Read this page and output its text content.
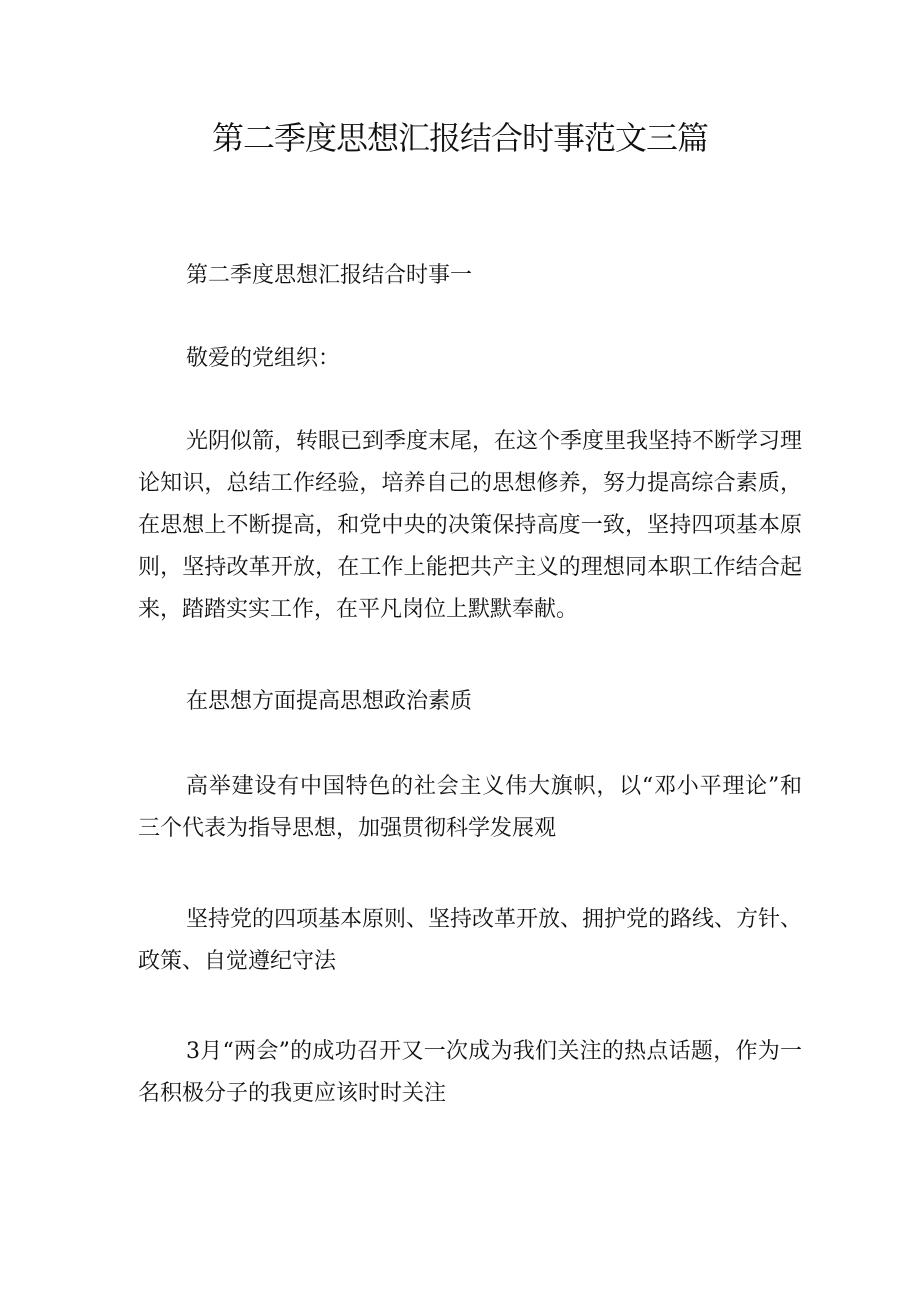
第二季度思想汇报结合时事范文三篇

第二季度思想汇报结合时事一

敬爱的党组织：

光阴似箭，转眼已到季度末尾，在这个季度里我坚持不断学习理论知识，总结工作经验，培养自己的思想修养，努力提高综合素质，在思想上不断提高，和党中央的决策保持高度一致，坚持四项基本原则，坚持改革开放，在工作上能把共产主义的理想同本职工作结合起来，踏踏实实工作，在平凡岗位上默默奉献。

在思想方面提高思想政治素质

高举建设有中国特色的社会主义伟大旗帜，以“邓小平理论”和三个代表为指导思想，加强贯彻科学发展观

坚持党的四项基本原则、坚持改革开放、拥护党的路线、方针、政策、自觉遵纪守法

3月“两会”的成功召开又一次成为我们关注的热点话题，作为一名积极分子的我更应该时时关注
